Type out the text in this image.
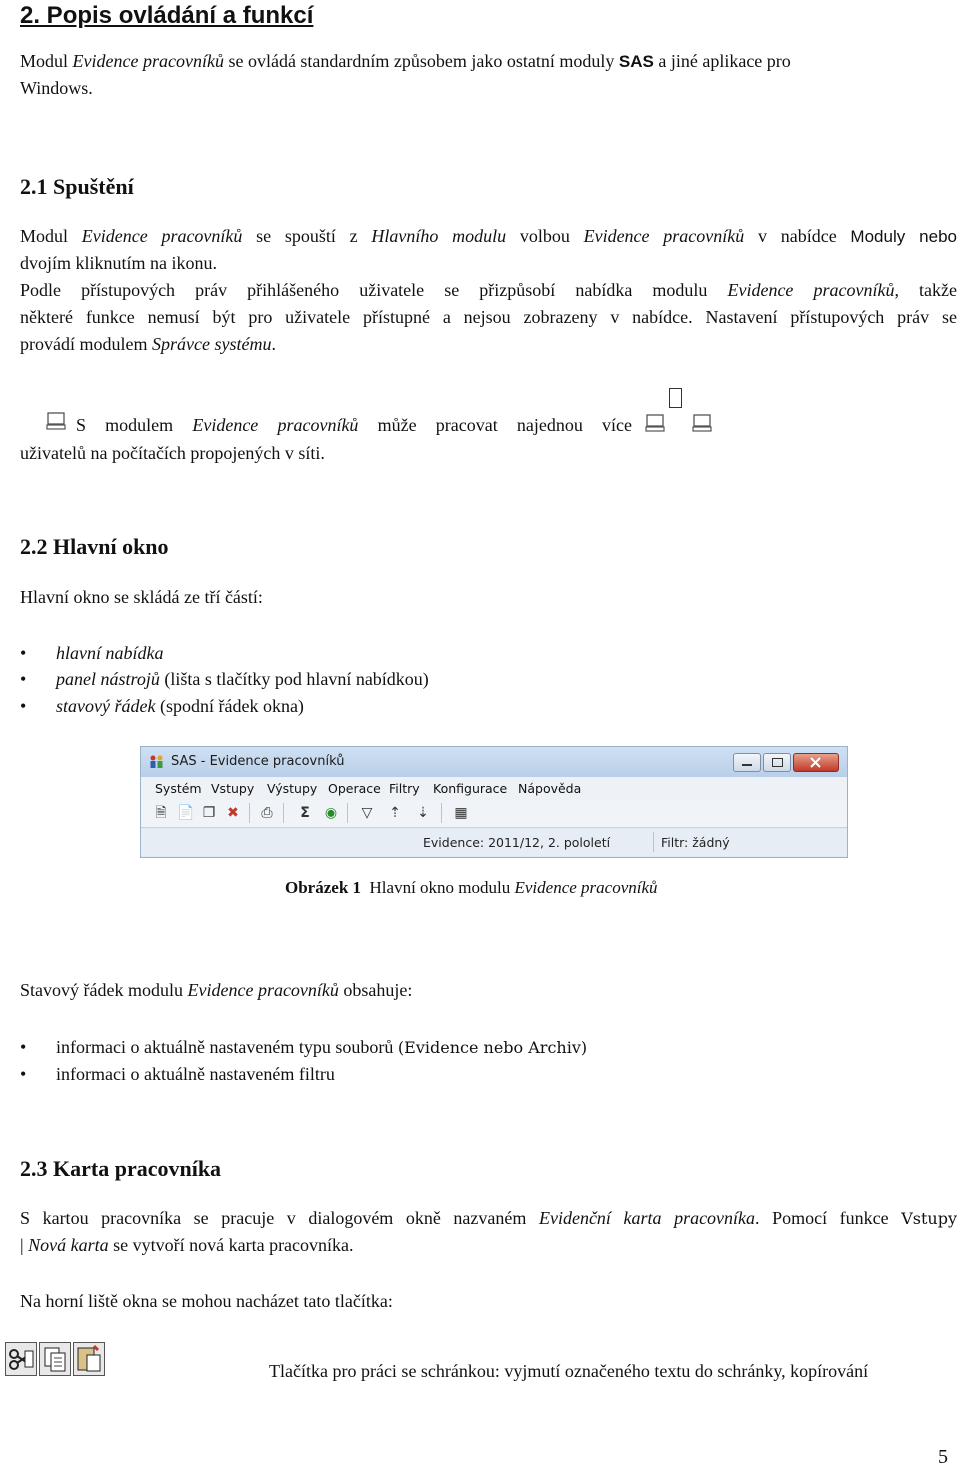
2. Popis ovládání a funkcí
Modul Evidence pracovníků se ovládá standardním způsobem jako ostatní moduly SAS a jiné aplikace pro
Windows.
2.1 Spuštění
Modul Evidence pracovníků se spouští z Hlavního modulu volbou Evidence pracovníků v nabídce Moduly nebo
dvojím kliknutím na ikonu.
Podle přístupových práv přihlášeného uživatele se přizpůsobí nabídka modulu Evidence pracovníků, takže
některé funkce nemusí být pro uživatele přístupné a nejsou zobrazeny v nabídce. Nastavení přístupových práv se
provádí modulem Správce systému.
S modulem Evidence pracovníků může pracovat najednou více
uživatelů na počítačích propojených v síti.
2.2 Hlavní okno
Hlavní okno se skládá ze tří částí:
• hlavní nabídka
• panel nástrojů (lišta s tlačítky pod hlavní nabídkou)
• stavový řádek (spodní řádek okna)
SAS - Evidence pracovníků
Systém Vstupy Výstupy Operace Filtry Konfigurace Nápověda
🗎 📄 ❐ ✖ ⎙ Σ ◉ ▽ ⇡ ⇣ ▦
Evidence: 2011/12, 2. pololetí	Filtr: žádný
Obrázek 1  Hlavní okno modulu Evidence pracovníků
Stavový řádek modulu Evidence pracovníků obsahuje:
• informaci o aktuálně nastaveném typu souborů (Evidence nebo Archiv)
• informaci o aktuálně nastaveném filtru
2.3 Karta pracovníka
S kartou pracovníka se pracuje v dialogovém okně nazvaném Evidenční karta pracovníka. Pomocí funkce Vstupy
| Nová karta se vytvoří nová karta pracovníka.
Na horní liště okna se mohou nacházet tato tlačítka:
Tlačítka pro práci se schránkou: vyjmutí označeného textu do schránky, kopírování
5
